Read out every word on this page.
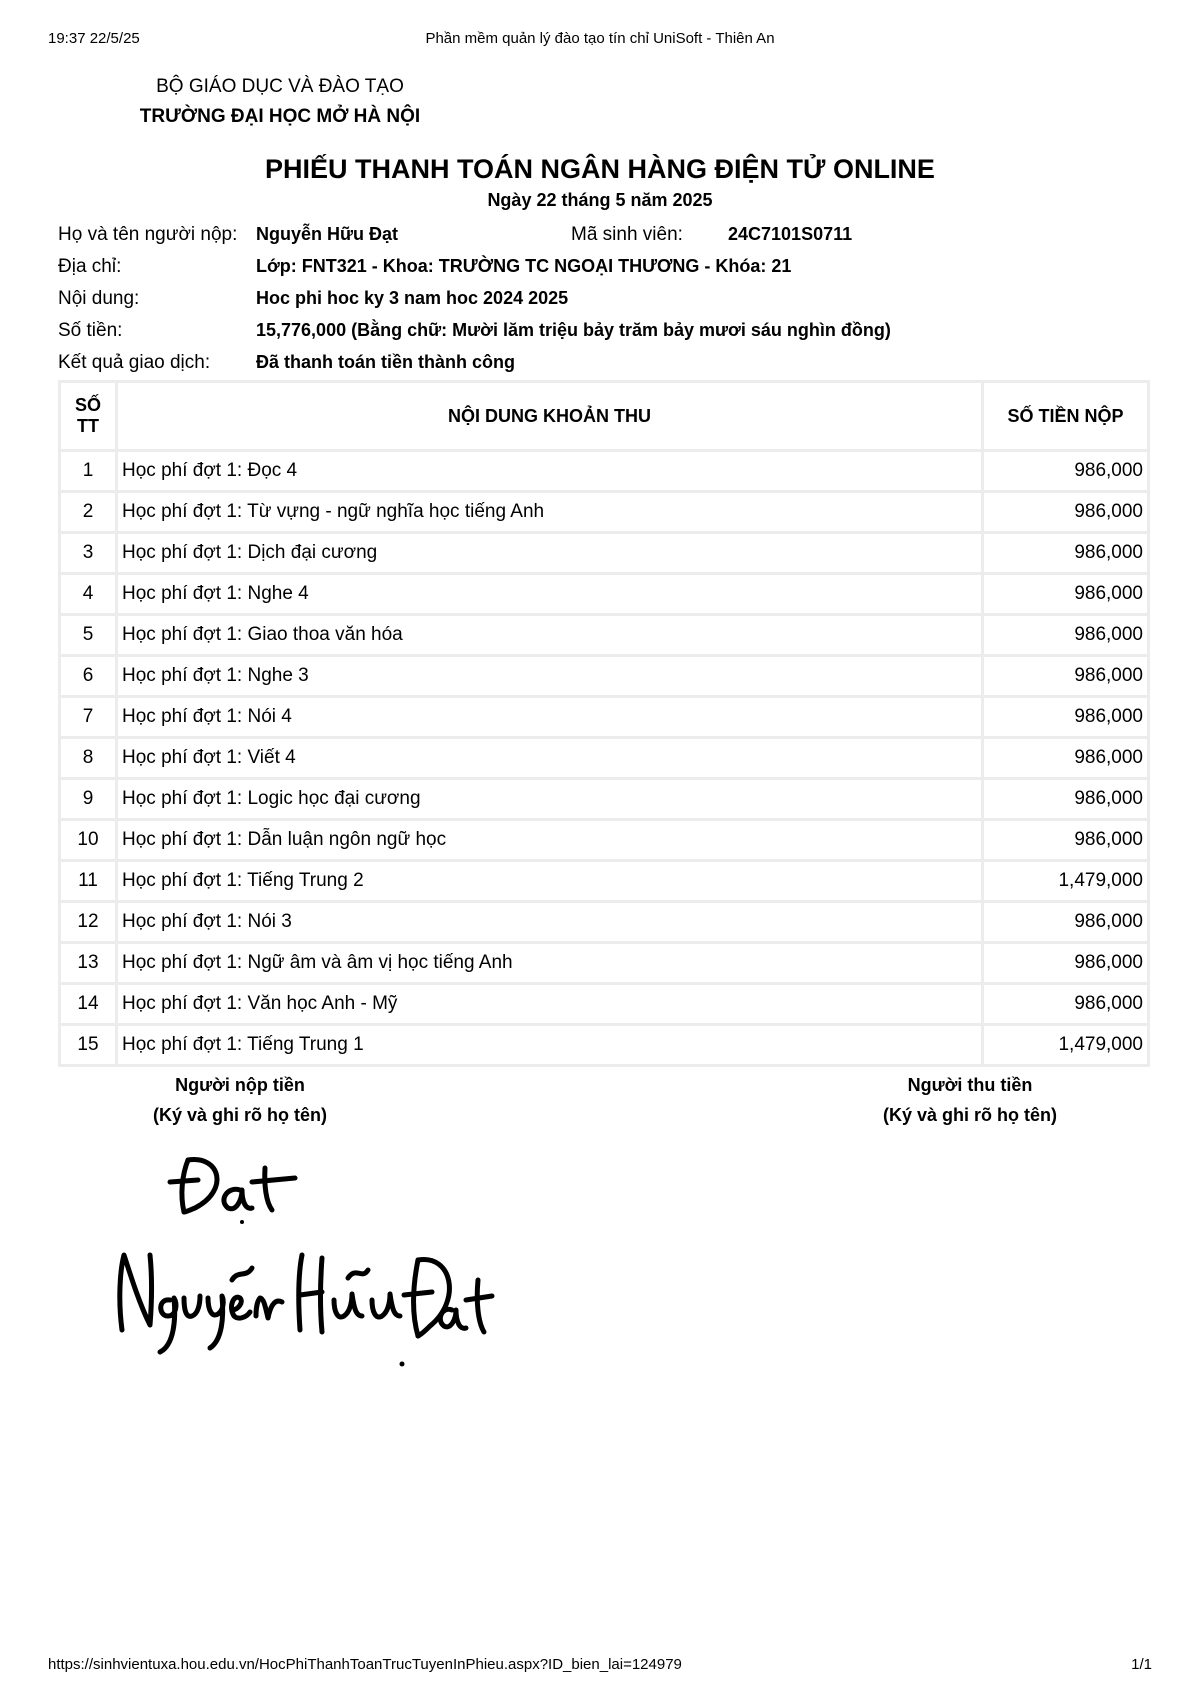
19:37 22/5/25	Phần mềm quản lý đào tạo tín chỉ UniSoft - Thiên An
BỘ GIÁO DỤC VÀ ĐÀO TẠO
TRƯỜNG ĐẠI HỌC MỞ HÀ NỘI
PHIẾU THANH TOÁN NGÂN HÀNG ĐIỆN TỬ ONLINE
Ngày 22 tháng 5 năm 2025
Họ và tên người nộp: Nguyễn Hữu Đạt	Mã sinh viên:	24C7101S0711
Địa chỉ:	Lớp: FNT321 - Khoa: TRƯỜNG TC NGOẠI THƯƠNG - Khóa: 21
Nội dung:	Hoc phi hoc ky 3 nam hoc 2024 2025
Số tiền:	15,776,000 (Bằng chữ: Mười lăm triệu bảy trăm bảy mươi sáu nghìn đồng)
Kết quả giao dịch:	Đã thanh toán tiền thành công
SỐ TT	NỘI DUNG KHOẢN THU	SỐ TIỀN NỘP
1	Học phí đợt 1: Đọc 4	986,000
2	Học phí đợt 1: Từ vựng - ngữ nghĩa học tiếng Anh	986,000
3	Học phí đợt 1: Dịch đại cương	986,000
4	Học phí đợt 1: Nghe 4	986,000
5	Học phí đợt 1: Giao thoa văn hóa	986,000
6	Học phí đợt 1: Nghe 3	986,000
7	Học phí đợt 1: Nói 4	986,000
8	Học phí đợt 1: Viết 4	986,000
9	Học phí đợt 1: Logic học đại cương	986,000
10	Học phí đợt 1: Dẫn luận ngôn ngữ học	986,000
11	Học phí đợt 1: Tiếng Trung 2	1,479,000
12	Học phí đợt 1: Nói 3	986,000
13	Học phí đợt 1: Ngữ âm và âm vị học tiếng Anh	986,000
14	Học phí đợt 1: Văn học Anh - Mỹ	986,000
15	Học phí đợt 1: Tiếng Trung 1	1,479,000
Người nộp tiền
(Ký và ghi rõ họ tên)
Người thu tiền
(Ký và ghi rõ họ tên)
https://sinhvientuxa.hou.edu.vn/HocPhiThanhToanTrucTuyenInPhieu.aspx?ID_bien_lai=124979	1/1
